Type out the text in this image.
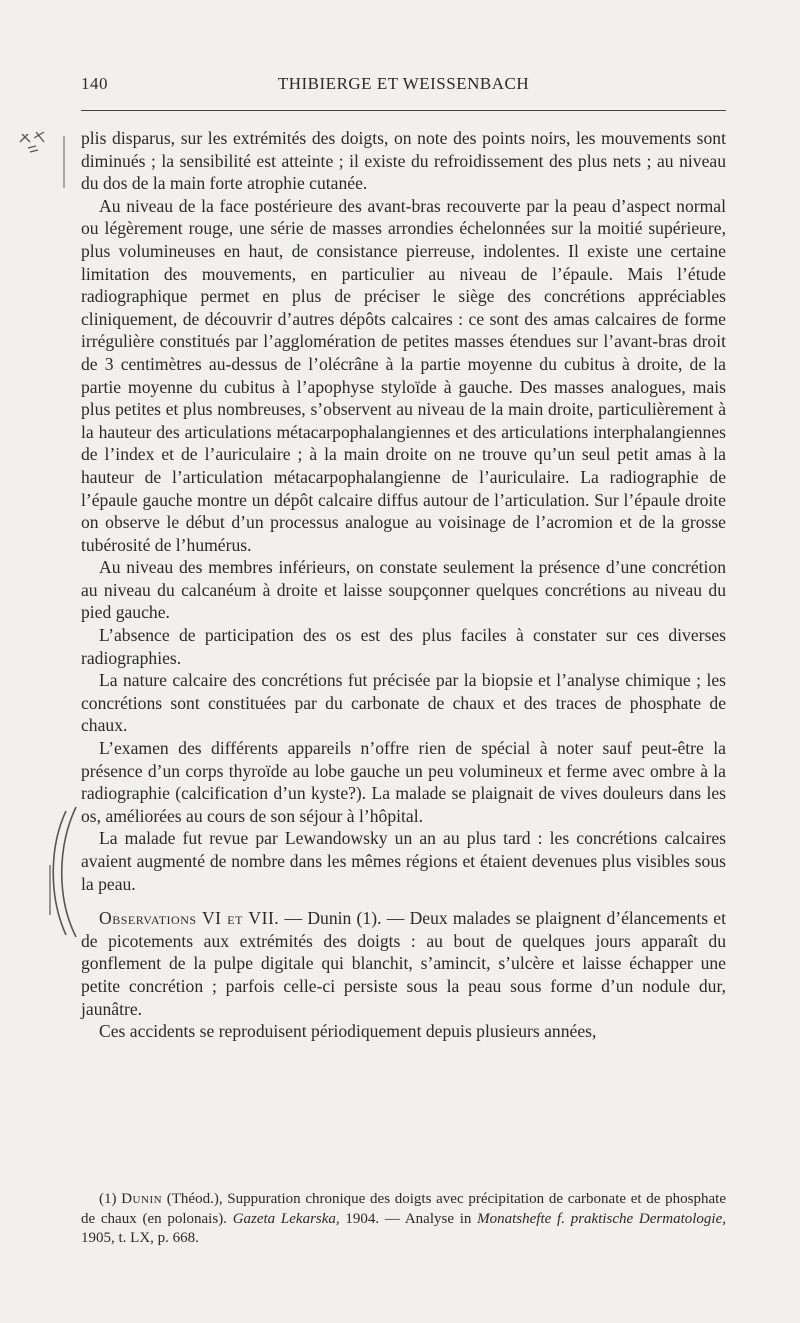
140	THIBIERGE ET WEISSENBACH

plis disparus, sur les extrémités des doigts, on note des points noirs, les mouvements sont diminués ; la sensibilité est atteinte ; il existe du refroidissement des plus nets ; au niveau du dos de la main forte atrophie cutanée.

Au niveau de la face postérieure des avant-bras recouverte par la peau d’aspect normal ou légèrement rouge, une série de masses arrondies échelonnées sur la moitié supérieure, plus volumineuses en haut, de consistance pierreuse, indolentes. Il existe une certaine limitation des mouvements, en particulier au niveau de l’épaule. Mais l’étude radiographique permet en plus de préciser le siège des concrétions appréciables cliniquement, de découvrir d’autres dépôts calcaires : ce sont des amas calcaires de forme irrégulière constitués par l’agglomération de petites masses étendues sur l’avant-bras droit de 3 centimètres au-dessus de l’olécrâne à la partie moyenne du cubitus à droite, de la partie moyenne du cubitus à l’apophyse styloïde à gauche. Des masses analogues, mais plus petites et plus nombreuses, s’observent au niveau de la main droite, particulièrement à la hauteur des articulations métacarpophalangiennes et des articulations interphalangiennes de l’index et de l’auriculaire ; à la main droite on ne trouve qu’un seul petit amas à la hauteur de l’articulation métacarpophalangienne de l’auriculaire. La radiographie de l’épaule gauche montre un dépôt calcaire diffus autour de l’articulation. Sur l’épaule droite on observe le début d’un processus analogue au voisinage de l’acromion et de la grosse tubérosité de l’humérus.

Au niveau des membres inférieurs, on constate seulement la présence d’une concrétion au niveau du calcanéum à droite et laisse soupçonner quelques concrétions au niveau du pied gauche.

L’absence de participation des os est des plus faciles à constater sur ces diverses radiographies.

La nature calcaire des concrétions fut précisée par la biopsie et l’analyse chimique ; les concrétions sont constituées par du carbonate de chaux et des traces de phosphate de chaux.

L’examen des différents appareils n’offre rien de spécial à noter sauf peut-être la présence d’un corps thyroïde au lobe gauche un peu volumineux et ferme avec ombre à la radiographie (calcification d’un kyste?). La malade se plaignait de vives douleurs dans les os, améliorées au cours de son séjour à l’hôpital.

La malade fut revue par Lewandowsky un an au plus tard : les concrétions calcaires avaient augmenté de nombre dans les mêmes régions et étaient devenues plus visibles sous la peau.

Observations VI et VII. — Dunin (1). — Deux malades se plaignent d’élancements et de picotements aux extrémités des doigts : au bout de quelques jours apparaît du gonflement de la pulpe digitale qui blanchit, s’amincit, s’ulcère et laisse échapper une petite concrétion ; parfois celle-ci persiste sous la peau sous forme d’un nodule dur, jaunâtre.

Ces accidents se reproduisent périodiquement depuis plusieurs années,

(1) Dunin (Théod.), Suppuration chronique des doigts avec précipitation de carbonate et de phosphate de chaux (en polonais). Gazeta Lekarska, 1904. — Analyse in Monatshefte f. praktische Dermatologie, 1905, t. LX, p. 668.
